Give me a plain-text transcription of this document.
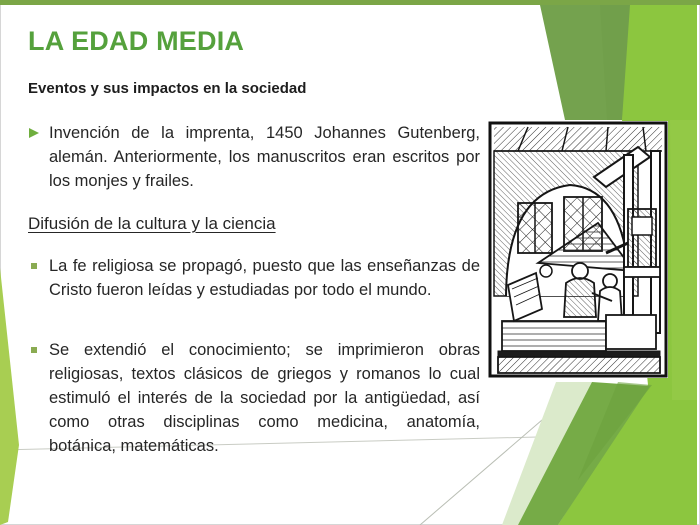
LA EDAD MEDIA
Eventos y sus impactos en la sociedad
Invención de la imprenta, 1450 Johannes Gutenberg, alemán. Anteriormente, los manuscritos eran escritos por los monjes y frailes.
Difusión de la cultura y la ciencia
La fe religiosa se propagó, puesto que las enseñanzas de Cristo fueron leídas y estudiadas por todo el mundo.
Se extendió el conocimiento; se imprimieron obras religiosas, textos clásicos de griegos y romanos lo cual estimuló el interés de la sociedad por la antigüedad, así como otras disciplinas como medicina, anatomía, botánica, matemáticas.
